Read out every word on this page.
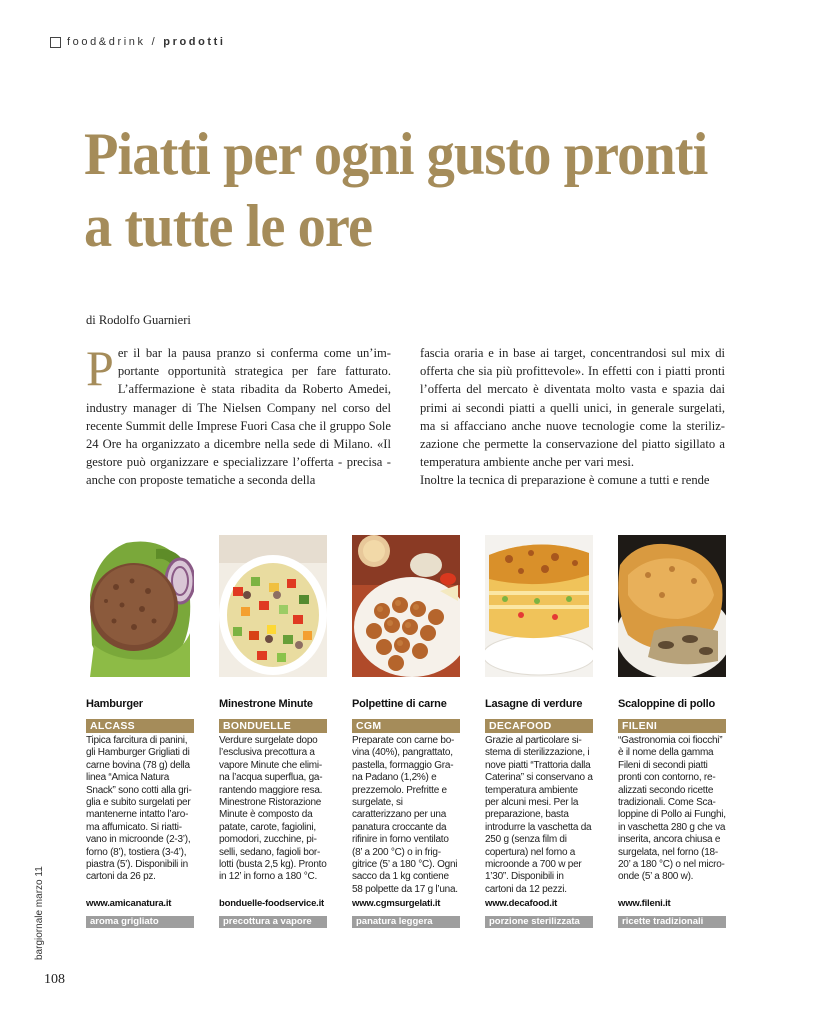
food&drink / prodotti
Piatti per ogni gusto pronti a tutte le ore
di Rodolfo Guarnieri

Per il bar la pausa pranzo si conferma come un’importante opportunità strategica per fare fatturato. L’affermazione è stata ribadita da Roberto Amedei, industry manager di The Nielsen Company nel corso del recente Summit delle Imprese Fuori Casa che il gruppo Sole 24 Ore ha organizzato a dicembre nella sede di Milano. «Il gestore può organizzare e specializzare l’offerta - precisa - anche con proposte tematiche a seconda della

fascia oraria e in base ai target, concentrandosi sul mix di offerta che sia più profittevole». In effetti con i piatti pronti l’offerta del mercato è diventata molto vasta e spazia dai primi ai secondi piatti a quelli unici, in generale surgelati, ma si affacciano anche nuove tecnologie come la sterilizzazione che permette la conservazione del piatto sigillato a temperatura ambiente anche per vari mesi.
Inoltre la tecnica di preparazione è comune a tutti e rende
Hamburger
ALCASS
Tipica farcitura di panini, gli Hamburger Grigliati di carne bovina (78 g) della linea “Amica Natura Snack” sono cotti alla griglia e subito surgelati per mantenerne intatto l’aroma affumicato. Si riattivano in microonde (2-3’), forno (8’), tostiera (3-4’), piastra (5’). Disponibili in cartoni da 26 pz.
www.amicanatura.it
aroma grigliato
Minestrone Minute
BONDUELLE
Verdure surgelate dopo l’esclusiva precottura a vapore Minute che elimina l’acqua superflua, garantendo maggiore resa. Minestrone Ristorazione Minute è composto da patate, carote, fagiolini, pomodori, zucchine, piselli, sedano, fagioli borlotti (busta 2,5 kg). Pronto in 12’ in forno a 180 °C.
bonduelle-foodservice.it
precottura a vapore
Polpettine di carne
CGM
Preparate con carne bovina (40%), pangrattato, pastella, formaggio Grana Padano (1,2%) e prezzemolo. Prefritte e surgelate, si caratterizzano per una panatura croccante da rifinire in forno ventilato (8’ a 200 °C) o in friggitrice (5’ a 180 °C). Ogni sacco da 1 kg contiene 58 polpette da 17 g l’una.
www.cgmsurgelati.it
panatura leggera
Lasagne di verdure
DECAFOOD
Grazie al particolare sistema di sterilizzazione, i nove piatti “Trattoria dalla Caterina” si conservano a temperatura ambiente per alcuni mesi. Per la preparazione, basta introdurre la vaschetta da 250 g (senza film di copertura) nel forno a microonde a 700 w per 1’30”. Disponibili in cartoni da 12 pezzi.
www.decafood.it
porzione sterilizzata
Scaloppine di pollo
FILENI
“Gastronomia coi fiocchi” è il nome della gamma Fileni di secondi piatti pronti con contorno, realizzati secondo ricette tradizionali. Come Scaloppine di Pollo ai Funghi, in vaschetta 280 g che va inserita, ancora chiusa e surgelata, nel forno (18-20’ a 180 °C) o nel microonde (5’ a 800 w).
www.fileni.it
ricette tradizionali
bargiornale marzo 11
108
